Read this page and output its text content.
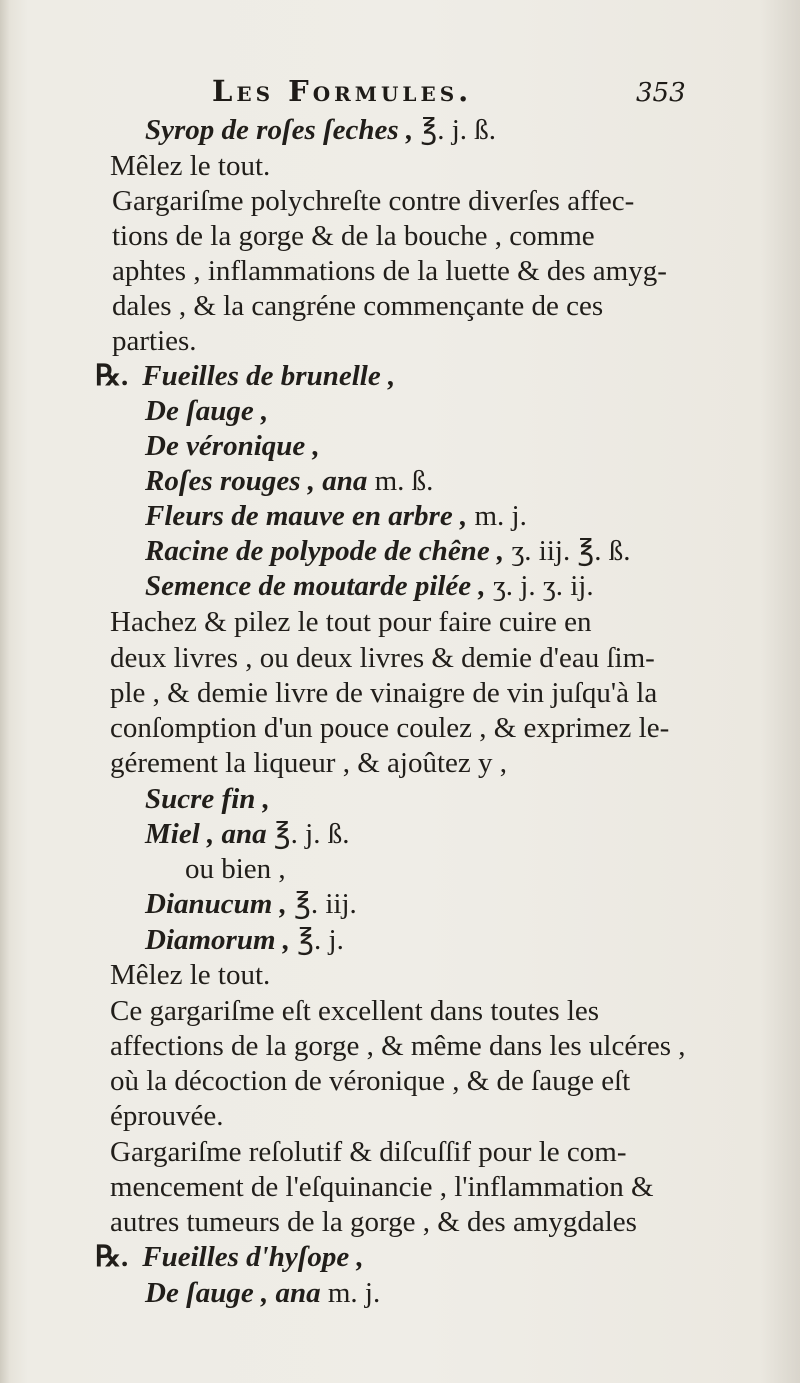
Les Formules.	353
Syrop de roſes ſeches , ℥. j. ß.
Mêlez le tout.
Gargariſme polychreſte contre diverſes affec-
tions de la gorge & de la bouche , comme
aphtes , inflammations de la luette & des amyg-
dales , & la cangréne commençante de ces
parties.
℞. Fueilles de brunelle ,
De ſauge ,
De véronique ,
Roſes rouges , ana m. ß.
Fleurs de mauve en arbre , m. j.
Racine de polypode de chêne , ʒ. iij. ℥. ß.
Semence de moutarde pilée , ʒ. j. ʒ. ij.
Hachez & pilez le tout pour faire cuire en
deux livres , ou deux livres & demie d'eau ſim-
ple , & demie livre de vinaigre de vin juſqu'à la
conſomption d'un pouce coulez , & exprimez le-
gérement la liqueur , & ajoûtez y ,
Sucre fin ,
Miel , ana ℥. j. ß.
ou bien ,
Dianucum , ℥. iij.
Diamorum , ℥. j.
Mêlez le tout.
Ce gargariſme eſt excellent dans toutes les
affections de la gorge , & même dans les ulcéres ,
où la décoction de véronique , & de ſauge eſt
éprouvée.
Gargariſme reſolutif & diſcuſſif pour le com-
mencement de l'eſquinancie , l'inflammation &
autres tumeurs de la gorge , & des amygdales
℞. Fueilles d'hyſope ,
De ſauge , ana m. j.
